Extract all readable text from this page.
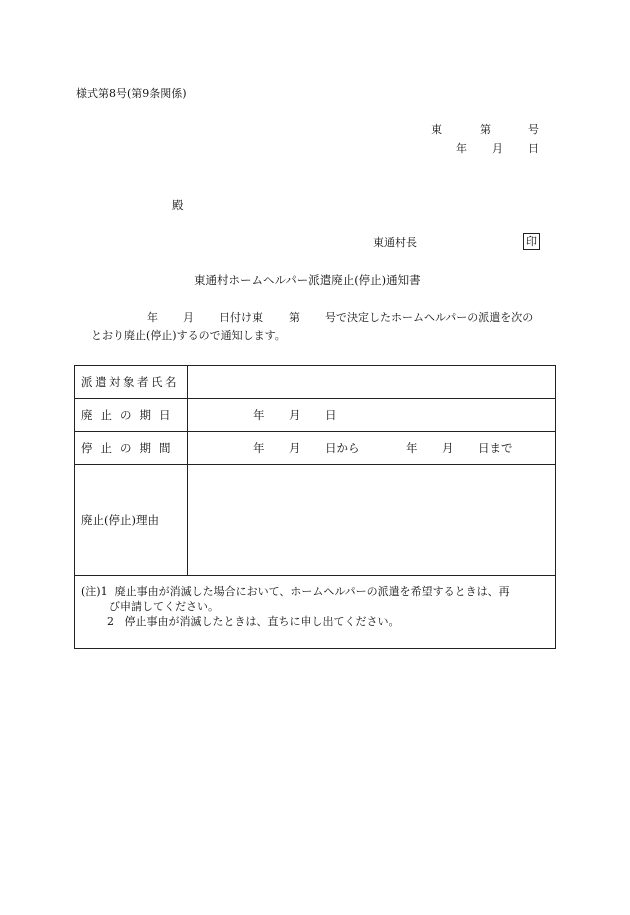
様式第8号(第9条関係)
東	第	号
年 月 日
殿
東通村長	印
東通村ホームヘルパー派遣廃止(停止)通知書
年 月 日付け東 第 号で決定したホームヘルパーの派遣を次の
とおり廃止(停止)するので通知します。
派遣対象者氏名
廃止の期日	年 月 日
停止の期間	年 月 日から	年 月 日まで
廃止(停止)理由
(注)1 廃止事由が消滅した場合において、ホームヘルパーの派遣を希望するときは、再
び申請してください。
2 停止事由が消滅したときは、直ちに申し出てください。
